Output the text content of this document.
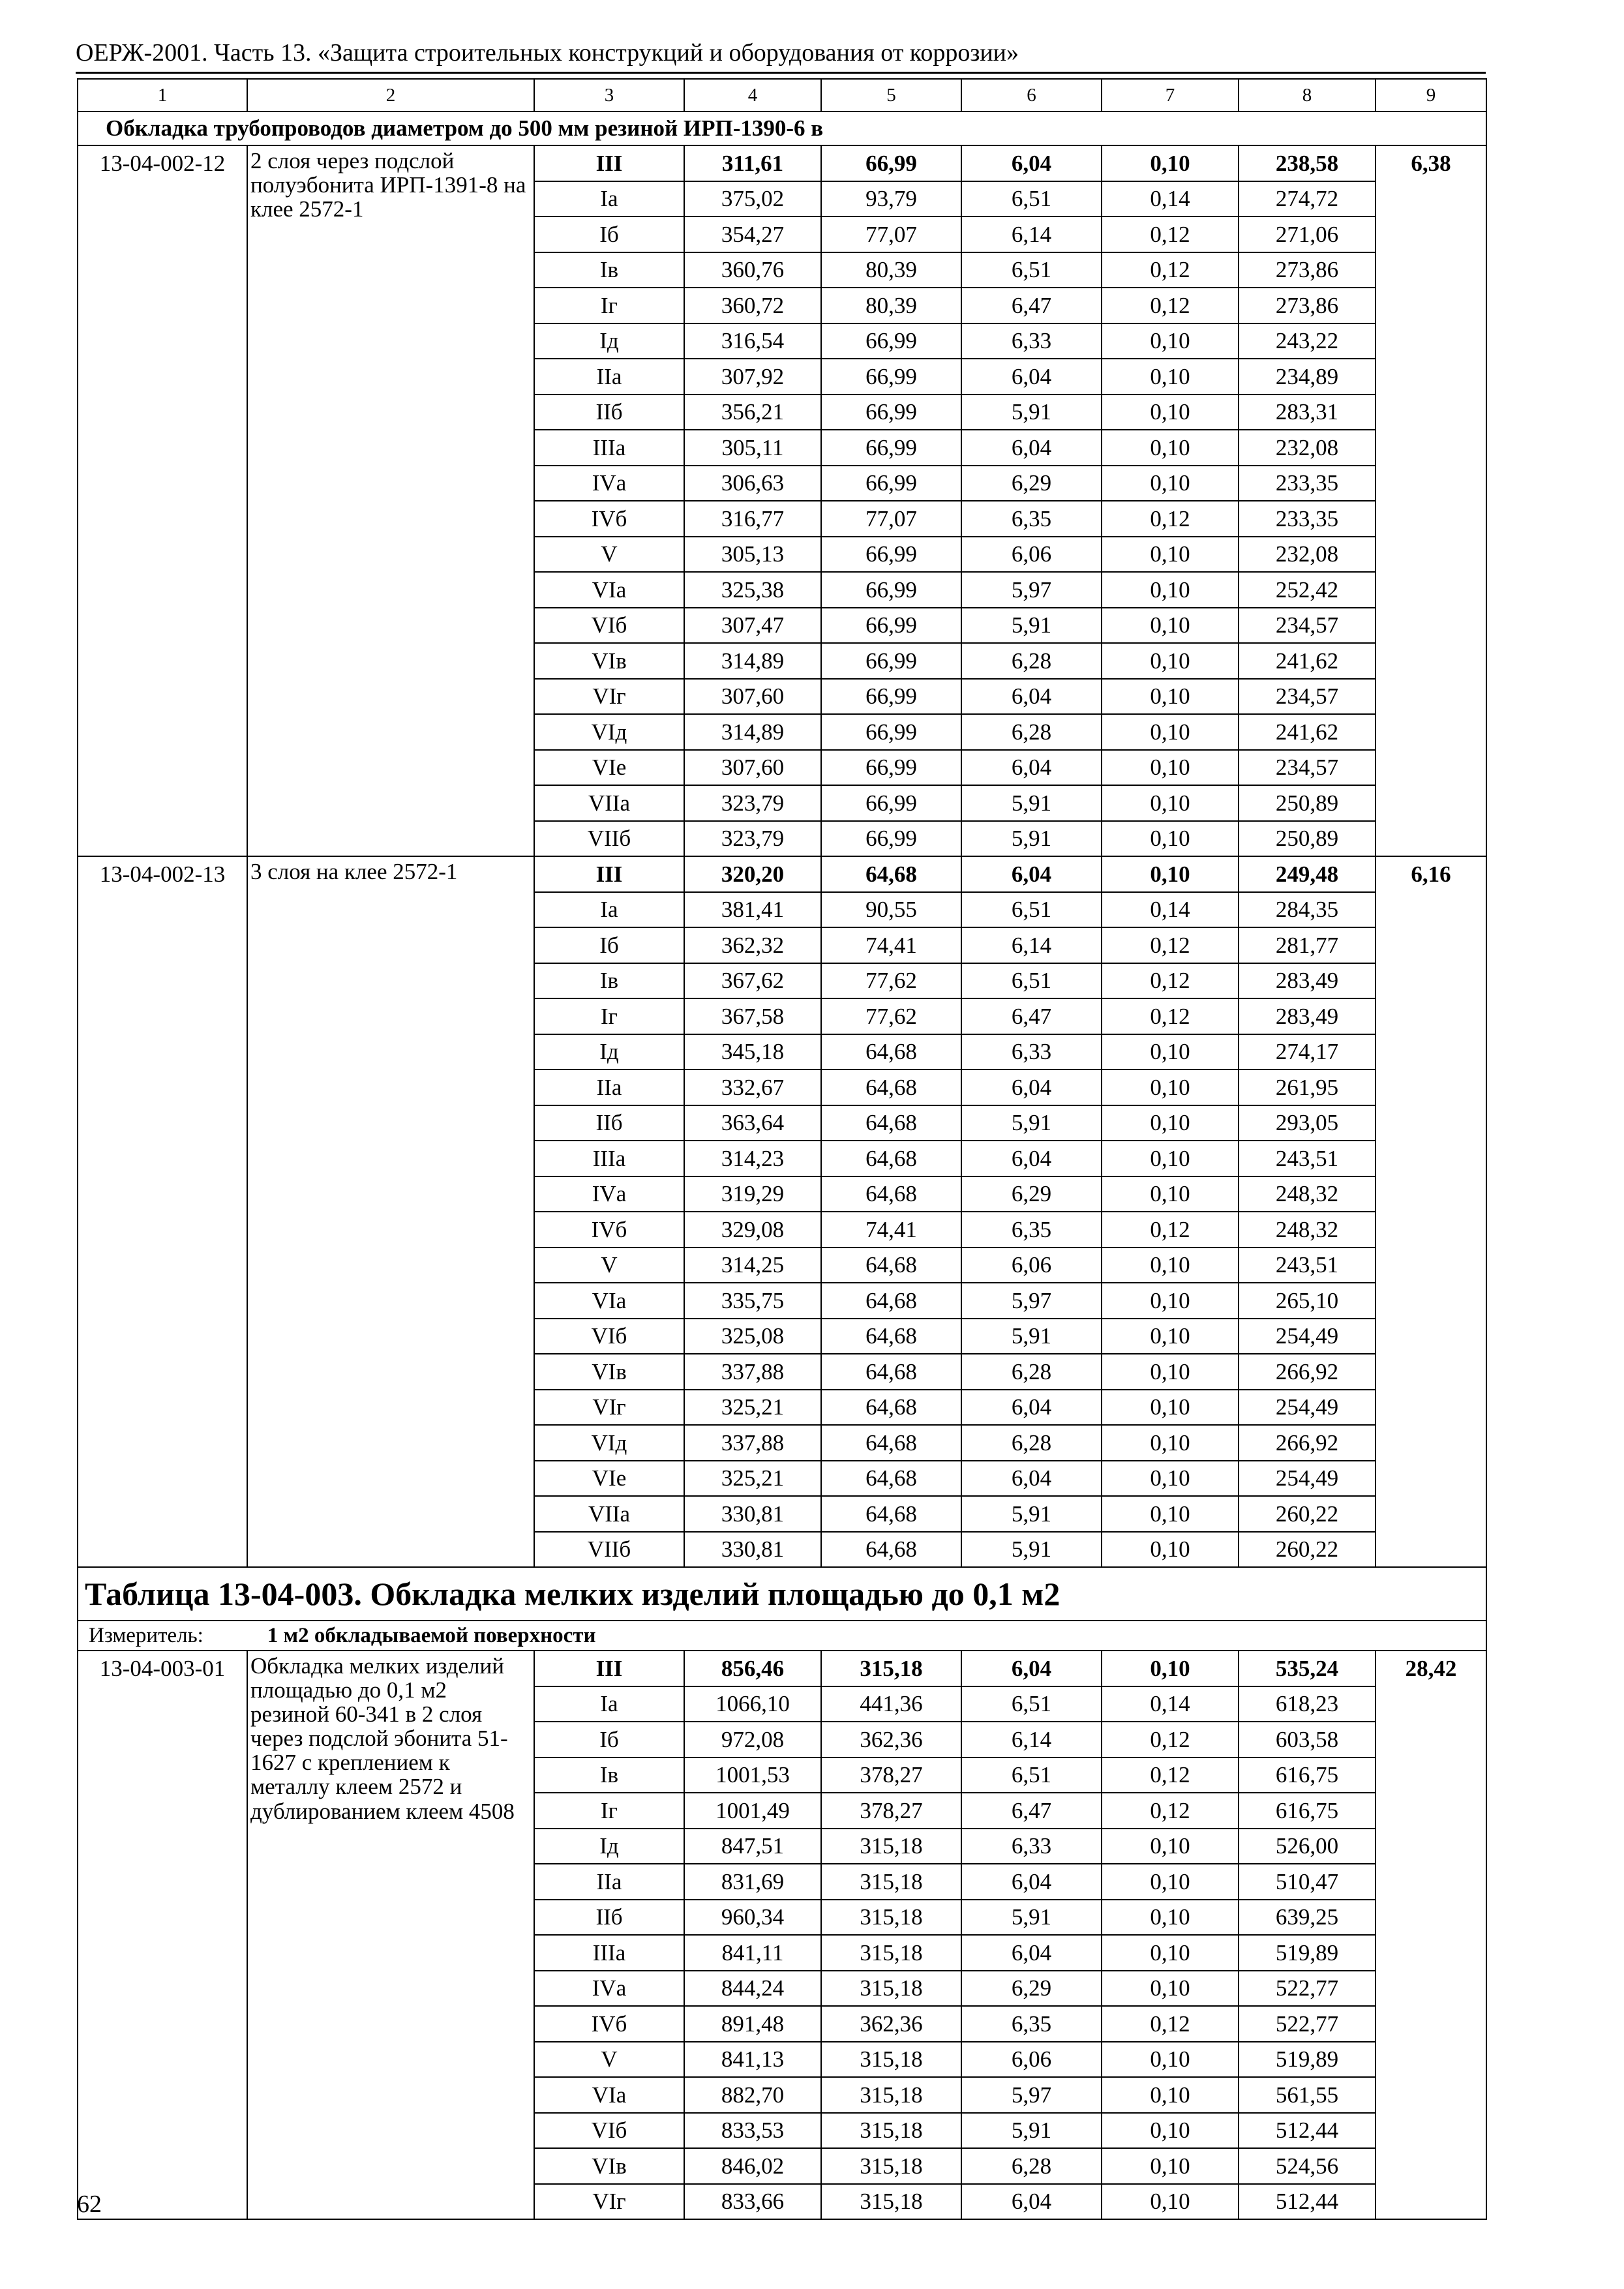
ОЕРЖ-2001. Часть 13. «Защита строительных конструкций и оборудования от коррозии»
1	2	3	4	5	6	7	8	9
Обкладка трубопроводов диаметром до 500 мм резиной ИРП-1390-6 в								
13-04-002-12	2 слоя через подслой полуэбонита ИРП-1391-8 на клее 2572-1	III	311,61	66,99	6,04	0,10	238,58	6,38
		Iа	375,02	93,79	6,51	0,14	274,72	
		Iб	354,27	77,07	6,14	0,12	271,06	
		Iв	360,76	80,39	6,51	0,12	273,86	
		Iг	360,72	80,39	6,47	0,12	273,86	
		Iд	316,54	66,99	6,33	0,10	243,22	
		IIа	307,92	66,99	6,04	0,10	234,89	
		IIб	356,21	66,99	5,91	0,10	283,31	
		IIIа	305,11	66,99	6,04	0,10	232,08	
		IVа	306,63	66,99	6,29	0,10	233,35	
		IVб	316,77	77,07	6,35	0,12	233,35	
		V	305,13	66,99	6,06	0,10	232,08	
		VIа	325,38	66,99	5,97	0,10	252,42	
		VIб	307,47	66,99	5,91	0,10	234,57	
		VIв	314,89	66,99	6,28	0,10	241,62	
		VIг	307,60	66,99	6,04	0,10	234,57	
		VIд	314,89	66,99	6,28	0,10	241,62	
		VIе	307,60	66,99	6,04	0,10	234,57	
		VIIа	323,79	66,99	5,91	0,10	250,89	
		VIIб	323,79	66,99	5,91	0,10	250,89	
13-04-002-13	3 слоя на клее 2572-1	III	320,20	64,68	6,04	0,10	249,48	6,16
		Iа	381,41	90,55	6,51	0,14	284,35	
		Iб	362,32	74,41	6,14	0,12	281,77	
		Iв	367,62	77,62	6,51	0,12	283,49	
		Iг	367,58	77,62	6,47	0,12	283,49	
		Iд	345,18	64,68	6,33	0,10	274,17	
		IIа	332,67	64,68	6,04	0,10	261,95	
		IIб	363,64	64,68	5,91	0,10	293,05	
		IIIа	314,23	64,68	6,04	0,10	243,51	
		IVа	319,29	64,68	6,29	0,10	248,32	
		IVб	329,08	74,41	6,35	0,12	248,32	
		V	314,25	64,68	6,06	0,10	243,51	
		VIа	335,75	64,68	5,97	0,10	265,10	
		VIб	325,08	64,68	5,91	0,10	254,49	
		VIв	337,88	64,68	6,28	0,10	266,92	
		VIг	325,21	64,68	6,04	0,10	254,49	
		VIд	337,88	64,68	6,28	0,10	266,92	
		VIе	325,21	64,68	6,04	0,10	254,49	
		VIIа	330,81	64,68	5,91	0,10	260,22	
		VIIб	330,81	64,68	5,91	0,10	260,22	
Таблица 13-04-003. Обкладка мелких изделий площадью до 0,1 м2								
Измеритель: 1 м2 обкладываемой поверхности								
13-04-003-01	Обкладка мелких изделий площадью до 0,1 м2 резиной 60-341 в 2 слоя через подслой эбонита 51-1627 с креплением к металлу клеем 2572 и дублированием клеем 4508	III	856,46	315,18	6,04	0,10	535,24	28,42
		Iа	1066,10	441,36	6,51	0,14	618,23	
		Iб	972,08	362,36	6,14	0,12	603,58	
		Iв	1001,53	378,27	6,51	0,12	616,75	
		Iг	1001,49	378,27	6,47	0,12	616,75	
		Iд	847,51	315,18	6,33	0,10	526,00	
		IIа	831,69	315,18	6,04	0,10	510,47	
		IIб	960,34	315,18	5,91	0,10	639,25	
		IIIа	841,11	315,18	6,04	0,10	519,89	
		IVа	844,24	315,18	6,29	0,10	522,77	
		IVб	891,48	362,36	6,35	0,12	522,77	
		V	841,13	315,18	6,06	0,10	519,89	
		VIа	882,70	315,18	5,97	0,10	561,55	
		VIб	833,53	315,18	5,91	0,10	512,44	
		VIв	846,02	315,18	6,28	0,10	524,56	
		VIг	833,66	315,18	6,04	0,10	512,44	
62
